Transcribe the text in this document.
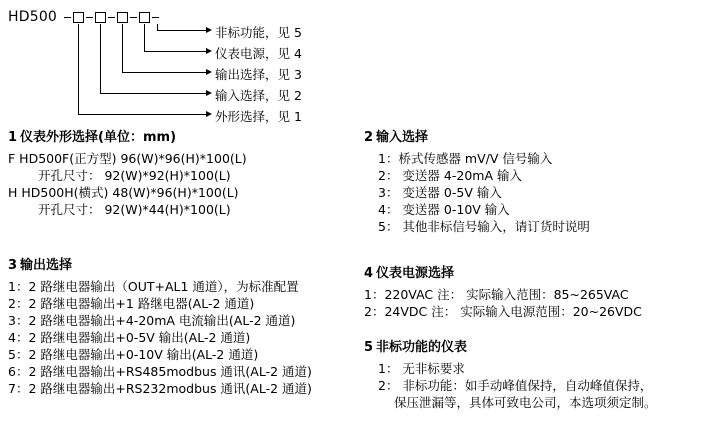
HD500
非标功能，见 5
仪表电源，见 4
输出选择，见 3
输入选择，见 2
外形选择，见 1
1 仪表外形选择(单位：mm)
F HD500F(正方型) 96(W)*96(H)*100(L)
开孔尺寸： 92(W)*92(H)*100(L)
H HD500H(横式) 48(W)*96(H)*100(L)
开孔尺寸： 92(W)*44(H)*100(L)
3 输出选择
1：2 路继电器输出（OUT+AL1 通道），为标准配置
2：2 路继电器输出+1 路继电器(AL-2 通道)
3：2 路继电器输出+4-20mA 电流输出(AL-2 通道)
4：2 路继电器输出+0-5V 输出(AL-2 通道)
5：2 路继电器输出+0-10V 输出(AL-2 通道)
6：2 路继电器输出+RS485modbus 通讯(AL-2 通道)
7：2 路继电器输出+RS232modbus 通讯(AL-2 通道)
2 输入选择
1：桥式传感器 mV/V 信号输入
2： 变送器 4-20mA 输入
3： 变送器 0-5V 输入
4： 变送器 0-10V 输入
5： 其他非标信号输入，请订货时说明
4 仪表电源选择
1：220VAC 注： 实际输入范围：85~265VAC
2：24VDC 注： 实际输入电源范围：20~26VDC
5 非标功能的仪表
1： 无非标要求
2： 非标功能：如手动峰值保持，自动峰值保持，
保压泄漏等，具体可致电公司，本选项须定制。
